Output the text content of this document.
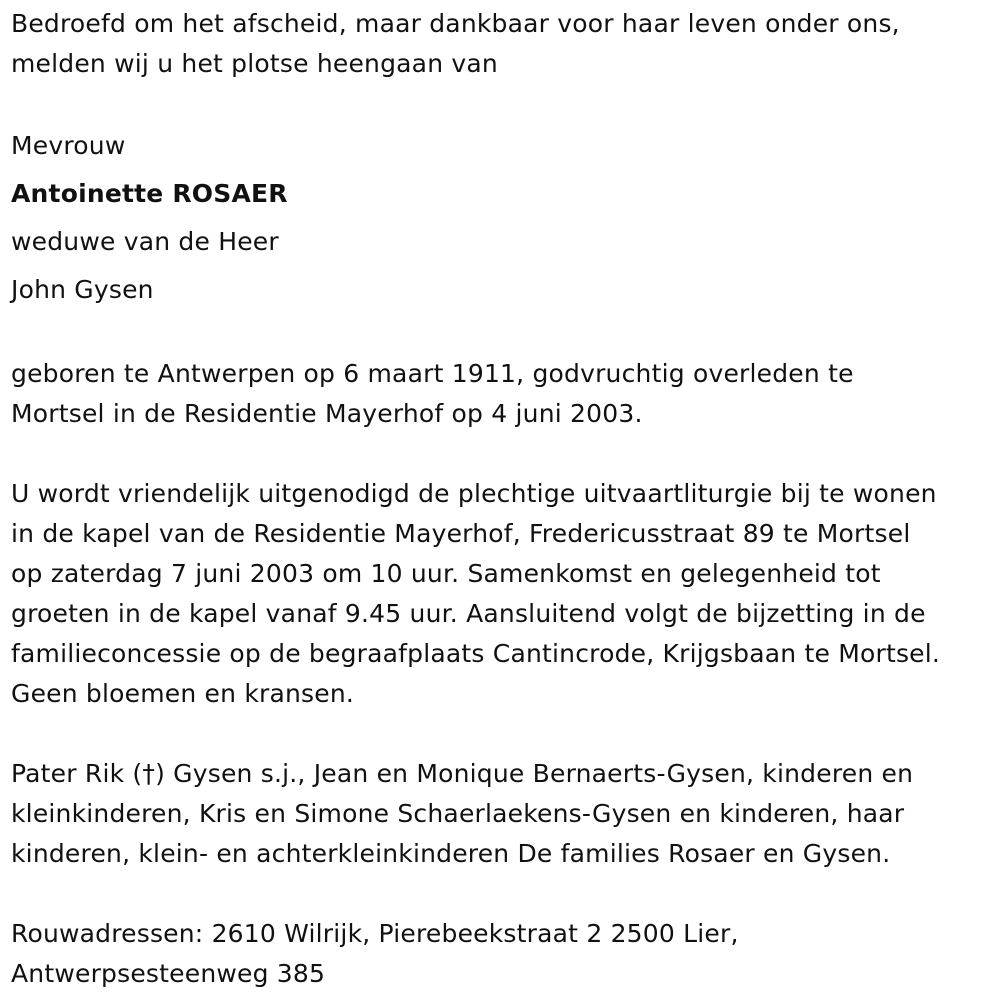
Bedroefd om het afscheid, maar dankbaar voor haar leven onder ons,
melden wij u het plotse heengaan van

Mevrouw
Antoinette ROSAER
weduwe van de Heer
John Gysen

geboren te Antwerpen op 6 maart 1911, godvruchtig overleden te
Mortsel in de Residentie Mayerhof op 4 juni 2003.

U wordt vriendelijk uitgenodigd de plechtige uitvaartliturgie bij te wonen
in de kapel van de Residentie Mayerhof, Fredericusstraat 89 te Mortsel
op zaterdag 7 juni 2003 om 10 uur. Samenkomst en gelegenheid tot
groeten in de kapel vanaf 9.45 uur. Aansluitend volgt de bijzetting in de
familieconcessie op de begraafplaats Cantincrode, Krijgsbaan te Mortsel.
Geen bloemen en kransen.

Pater Rik (†) Gysen s.j., Jean en Monique Bernaerts-Gysen, kinderen en
kleinkinderen, Kris en Simone Schaerlaekens-Gysen en kinderen, haar
kinderen, klein- en achterkleinkinderen De families Rosaer en Gysen.

Rouwadressen: 2610 Wilrijk, Pierebeekstraat 2 2500 Lier,
Antwerpsesteenweg 385
